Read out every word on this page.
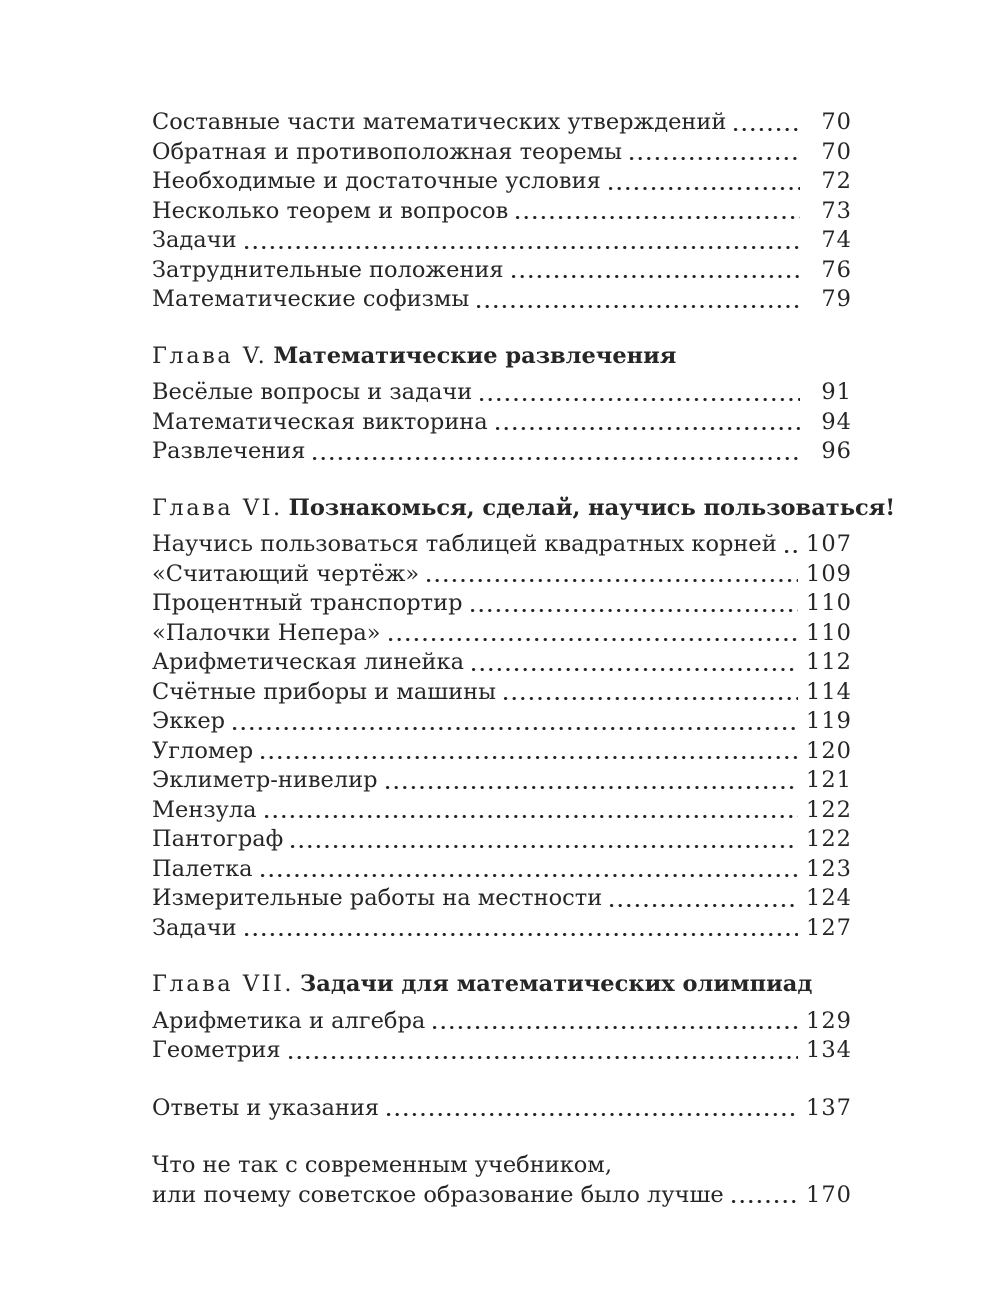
Составные части математических утверждений	70
Обратная и противоположная теоремы	70
Необходимые и достаточные условия	72
Несколько теорем и вопросов	73
Задачи	74
Затруднительные положения	76
Математические софизмы	79
Глава V. Математические развлечения
Весёлые вопросы и задачи	91
Математическая викторина	94
Развлечения	96
Глава VI. Познакомься, сделай, научись пользоваться!
Научись пользоваться таблицей квадратных корней 107
«Считающий чертёж»	109
Процентный транспортир	110
«Палочки Непера»	110
Арифметическая линейка	112
Счётные приборы и машины	114
Эккер	119
Угломер	120
Эклиметр-нивелир	121
Мензула	122
Пантограф	122
Палетка	123
Измерительные работы на местности	124
Задачи	127
Глава VII. Задачи для математических олимпиад
Арифметика и алгебра	129
Геометрия	134
Ответы и указания	137
Что не так с современным учебником,
или почему советское образование было лучше	170
